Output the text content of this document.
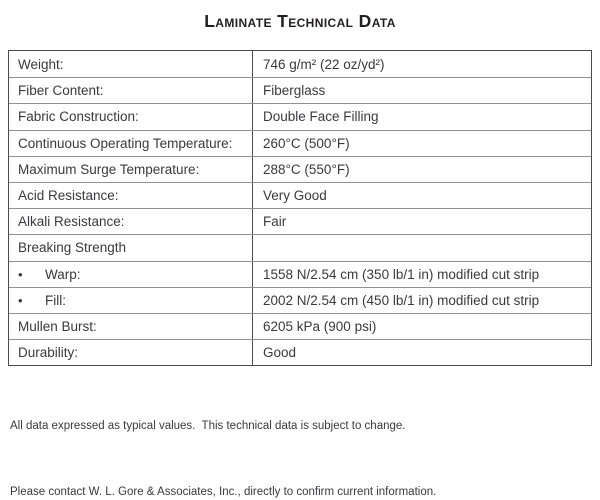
Laminate Technical Data
Weight:	746 g/m² (22 oz/yd²)
Fiber Content:	Fiberglass
Fabric Construction:	Double Face Filling
Continuous Operating Temperature:	260°C (500°F)
Maximum Surge Temperature:	288°C (550°F)
Acid Resistance:	Very Good
Alkali Resistance:	Fair
Breaking Strength
•	Warp:	1558 N/2.54 cm (350 lb/1 in) modified cut strip
•	Fill:	2002 N/2.54 cm (450 lb/1 in) modified cut strip
Mullen Burst:	6205 kPa (900 psi)
Durability:	Good

All data expressed as typical values.  This technical data is subject to change.

Please contact W. L. Gore & Associates, Inc., directly to confirm current information.
